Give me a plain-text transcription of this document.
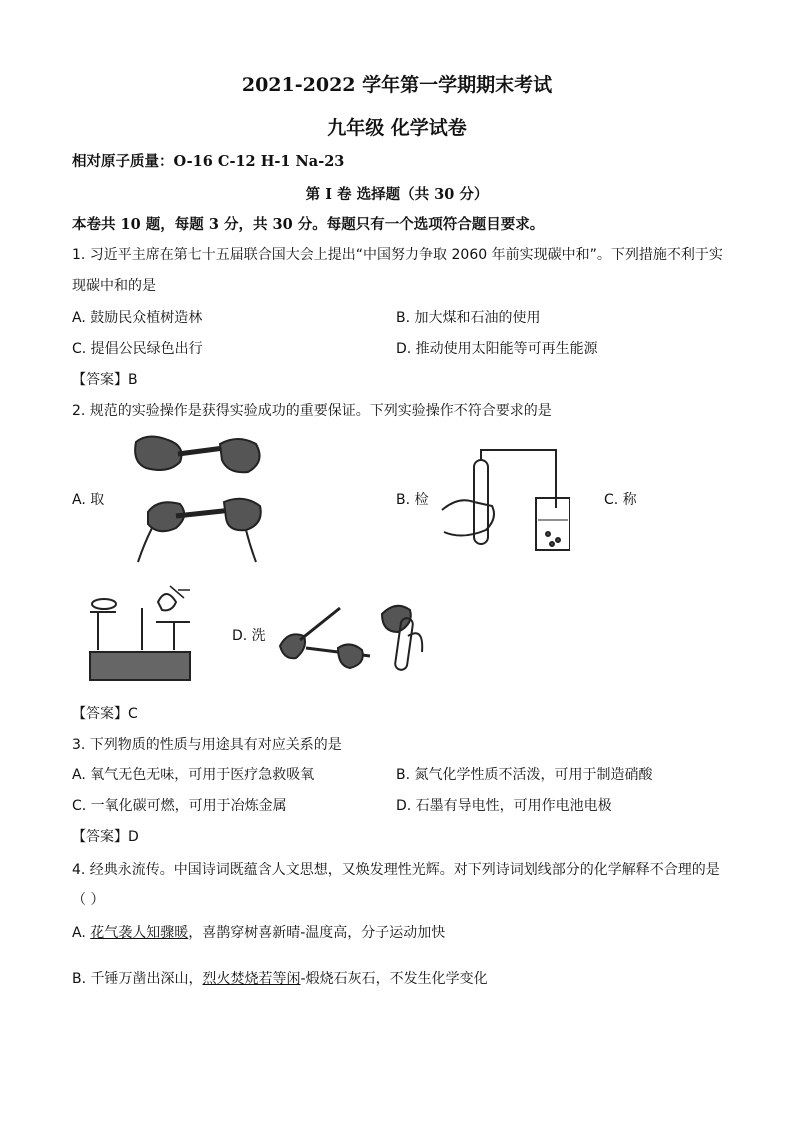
2021-2022 学年第一学期期末考试
九年级 化学试卷
相对原子质量：O-16 C-12 H-1 Na-23
第 I 卷 选择题（共 30 分）
本卷共 10 题，每题 3 分，共 30 分。每题只有一个选项符合题目要求。
1. 习近平主席在第七十五届联合国大会上提出“中国努力争取 2060 年前实现碳中和”。下列措施不利于实
现碳中和的是
A. 鼓励民众植树造林	B. 加大煤和石油的使用
C. 提倡公民绿色出行	D. 推动使用太阳能等可再生能源
【答案】B
2. 规范的实验操作是获得实验成功的重要保证。下列实验操作不符合要求的是
A. 取	B. 检	C. 称
D. 洗
【答案】C
3. 下列物质的性质与用途具有对应关系的是
A. 氧气无色无味，可用于医疗急救吸氧	B. 氮气化学性质不活泼，可用于制造硝酸
C. 一氧化碳可燃，可用于冶炼金属	D. 石墨有导电性，可用作电池电极
【答案】D
4. 经典永流传。中国诗词既蕴含人文思想，又焕发理性光辉。对下列诗词划线部分的化学解释不合理的是
（ ）
A. 花气袭人知骤暖，喜鹊穿树喜新晴-温度高，分子运动加快
B. 千锤万凿出深山，烈火焚烧若等闲-煅烧石灰石，不发生化学变化
